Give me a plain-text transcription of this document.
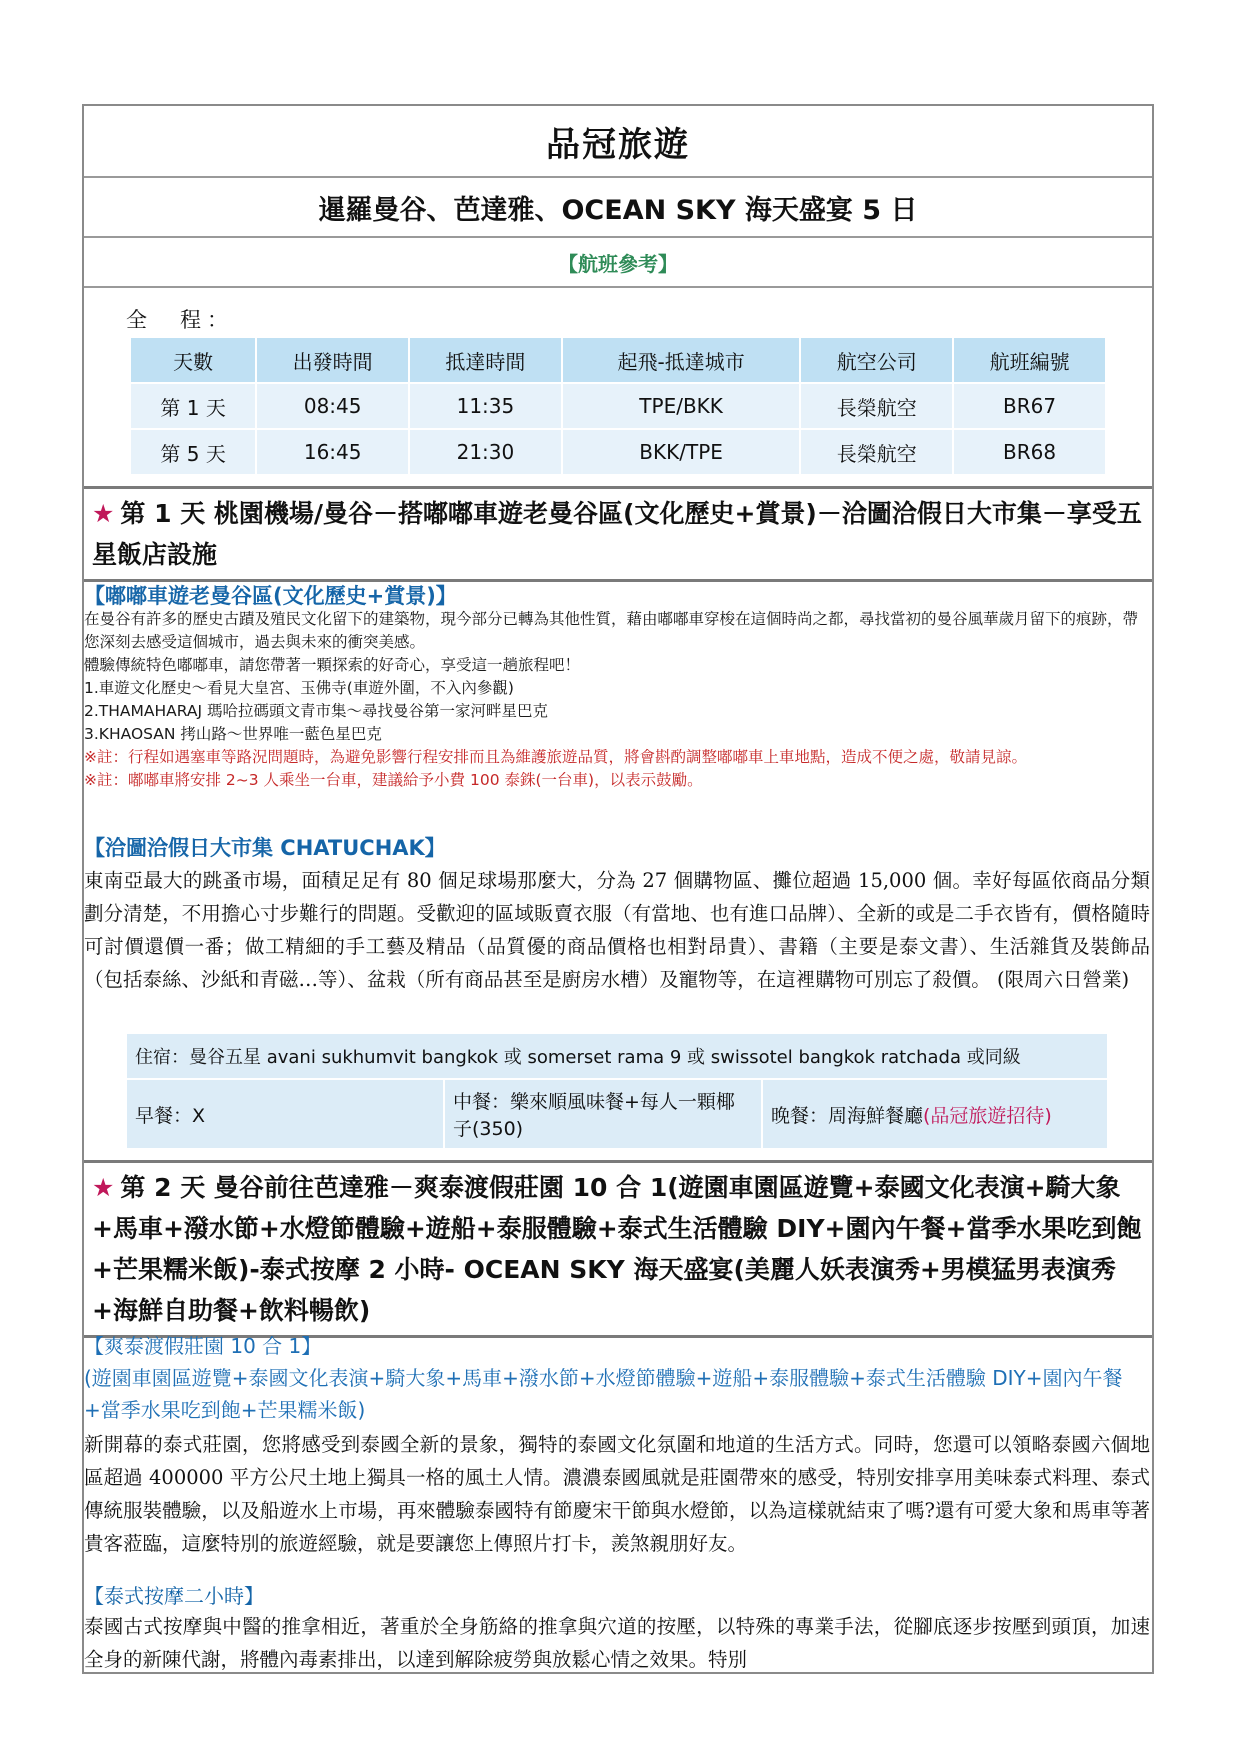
品冠旅遊
暹羅曼谷、芭達雅、OCEAN SKY 海天盛宴 5 日
【航班參考】
全　程：
天數	出發時間	抵達時間	起飛-抵達城市	航空公司	航班編號
第 1 天	08:45	11:35	TPE/BKK	長榮航空	BR67
第 5 天	16:45	21:30	BKK/TPE	長榮航空	BR68
★ 第 1 天 桃園機場/曼谷－搭嘟嘟車遊老曼谷區(文化歷史+賞景)－洽圖洽假日大市集－享受五星飯店設施
【嘟嘟車遊老曼谷區(文化歷史+賞景)】
在曼谷有許多的歷史古蹟及殖民文化留下的建築物，現今部分已轉為其他性質，藉由嘟嘟車穿梭在這個時尚之都，尋找當初的曼谷風華歲月留下的痕跡，帶您深刻去感受這個城市，過去與未來的衝突美感。
體驗傳統特色嘟嘟車，請您帶著一顆探索的好奇心，享受這一趟旅程吧！
1.車遊文化歷史～看見大皇宮、玉佛寺(車遊外圍，不入內參觀)
2.THAMAHARAJ 瑪哈拉碼頭文青市集～尋找曼谷第一家河畔星巴克
3.KHAOSAN 拷山路～世界唯一藍色星巴克
※註：行程如遇塞車等路況問題時，為避免影響行程安排而且為維護旅遊品質，將會斟酌調整嘟嘟車上車地點，造成不便之處，敬請見諒。
※註：嘟嘟車將安排 2~3 人乘坐一台車，建議給予小費 100 泰銖(一台車)，以表示鼓勵。
【洽圖洽假日大市集 CHATUCHAK】
東南亞最大的跳蚤市場，面積足足有 80 個足球場那麼大，分為 27 個購物區、攤位超過 15,000 個。幸好每區依商品分類劃分清楚，不用擔心寸步難行的問題。受歡迎的區域販賣衣服（有當地、也有進口品牌）、全新的或是二手衣皆有，價格隨時可討價還價一番；做工精細的手工藝及精品（品質優的商品價格也相對昂貴）、書籍（主要是泰文書）、生活雜貨及裝飾品（包括泰絲、沙紙和青磁…等）、盆栽（所有商品甚至是廚房水槽）及寵物等，在這裡購物可別忘了殺價。 (限周六日營業)
住宿：曼谷五星 avani sukhumvit bangkok 或 somerset rama 9 或 swissotel bangkok ratchada 或同級
早餐：X	中餐：樂來順風味餐+每人一顆椰子(350)	晚餐：周海鮮餐廳(品冠旅遊招待)
★ 第 2 天 曼谷前往芭達雅－爽泰渡假莊園 10 合 1(遊園車園區遊覽+泰國文化表演+騎大象+馬車+潑水節+水燈節體驗+遊船+泰服體驗+泰式生活體驗 DIY+園內午餐+當季水果吃到飽+芒果糯米飯)-泰式按摩 2 小時- OCEAN SKY 海天盛宴(美麗人妖表演秀+男模猛男表演秀+海鮮自助餐+飲料暢飲)
【爽泰渡假莊園 10 合 1】
(遊園車園區遊覽+泰國文化表演+騎大象+馬車+潑水節+水燈節體驗+遊船+泰服體驗+泰式生活體驗 DIY+園內午餐+當季水果吃到飽+芒果糯米飯)
新開幕的泰式莊園，您將感受到泰國全新的景象，獨特的泰國文化氛圍和地道的生活方式。同時，您還可以領略泰國六個地區超過 400000 平方公尺土地上獨具一格的風土人情。濃濃泰國風就是莊園帶來的感受，特別安排享用美味泰式料理、泰式傳統服裝體驗，以及船遊水上市場，再來體驗泰國特有節慶宋干節與水燈節，以為這樣就結束了嗎?還有可愛大象和馬車等著貴客蒞臨，這麼特別的旅遊經驗，就是要讓您上傳照片打卡，羨煞親朋好友。
【泰式按摩二小時】
泰國古式按摩與中醫的推拿相近，著重於全身筋絡的推拿與穴道的按壓，以特殊的專業手法，從腳底逐步按壓到頭頂，加速全身的新陳代謝，將體內毒素排出，以達到解除疲勞與放鬆心情之效果。特別
